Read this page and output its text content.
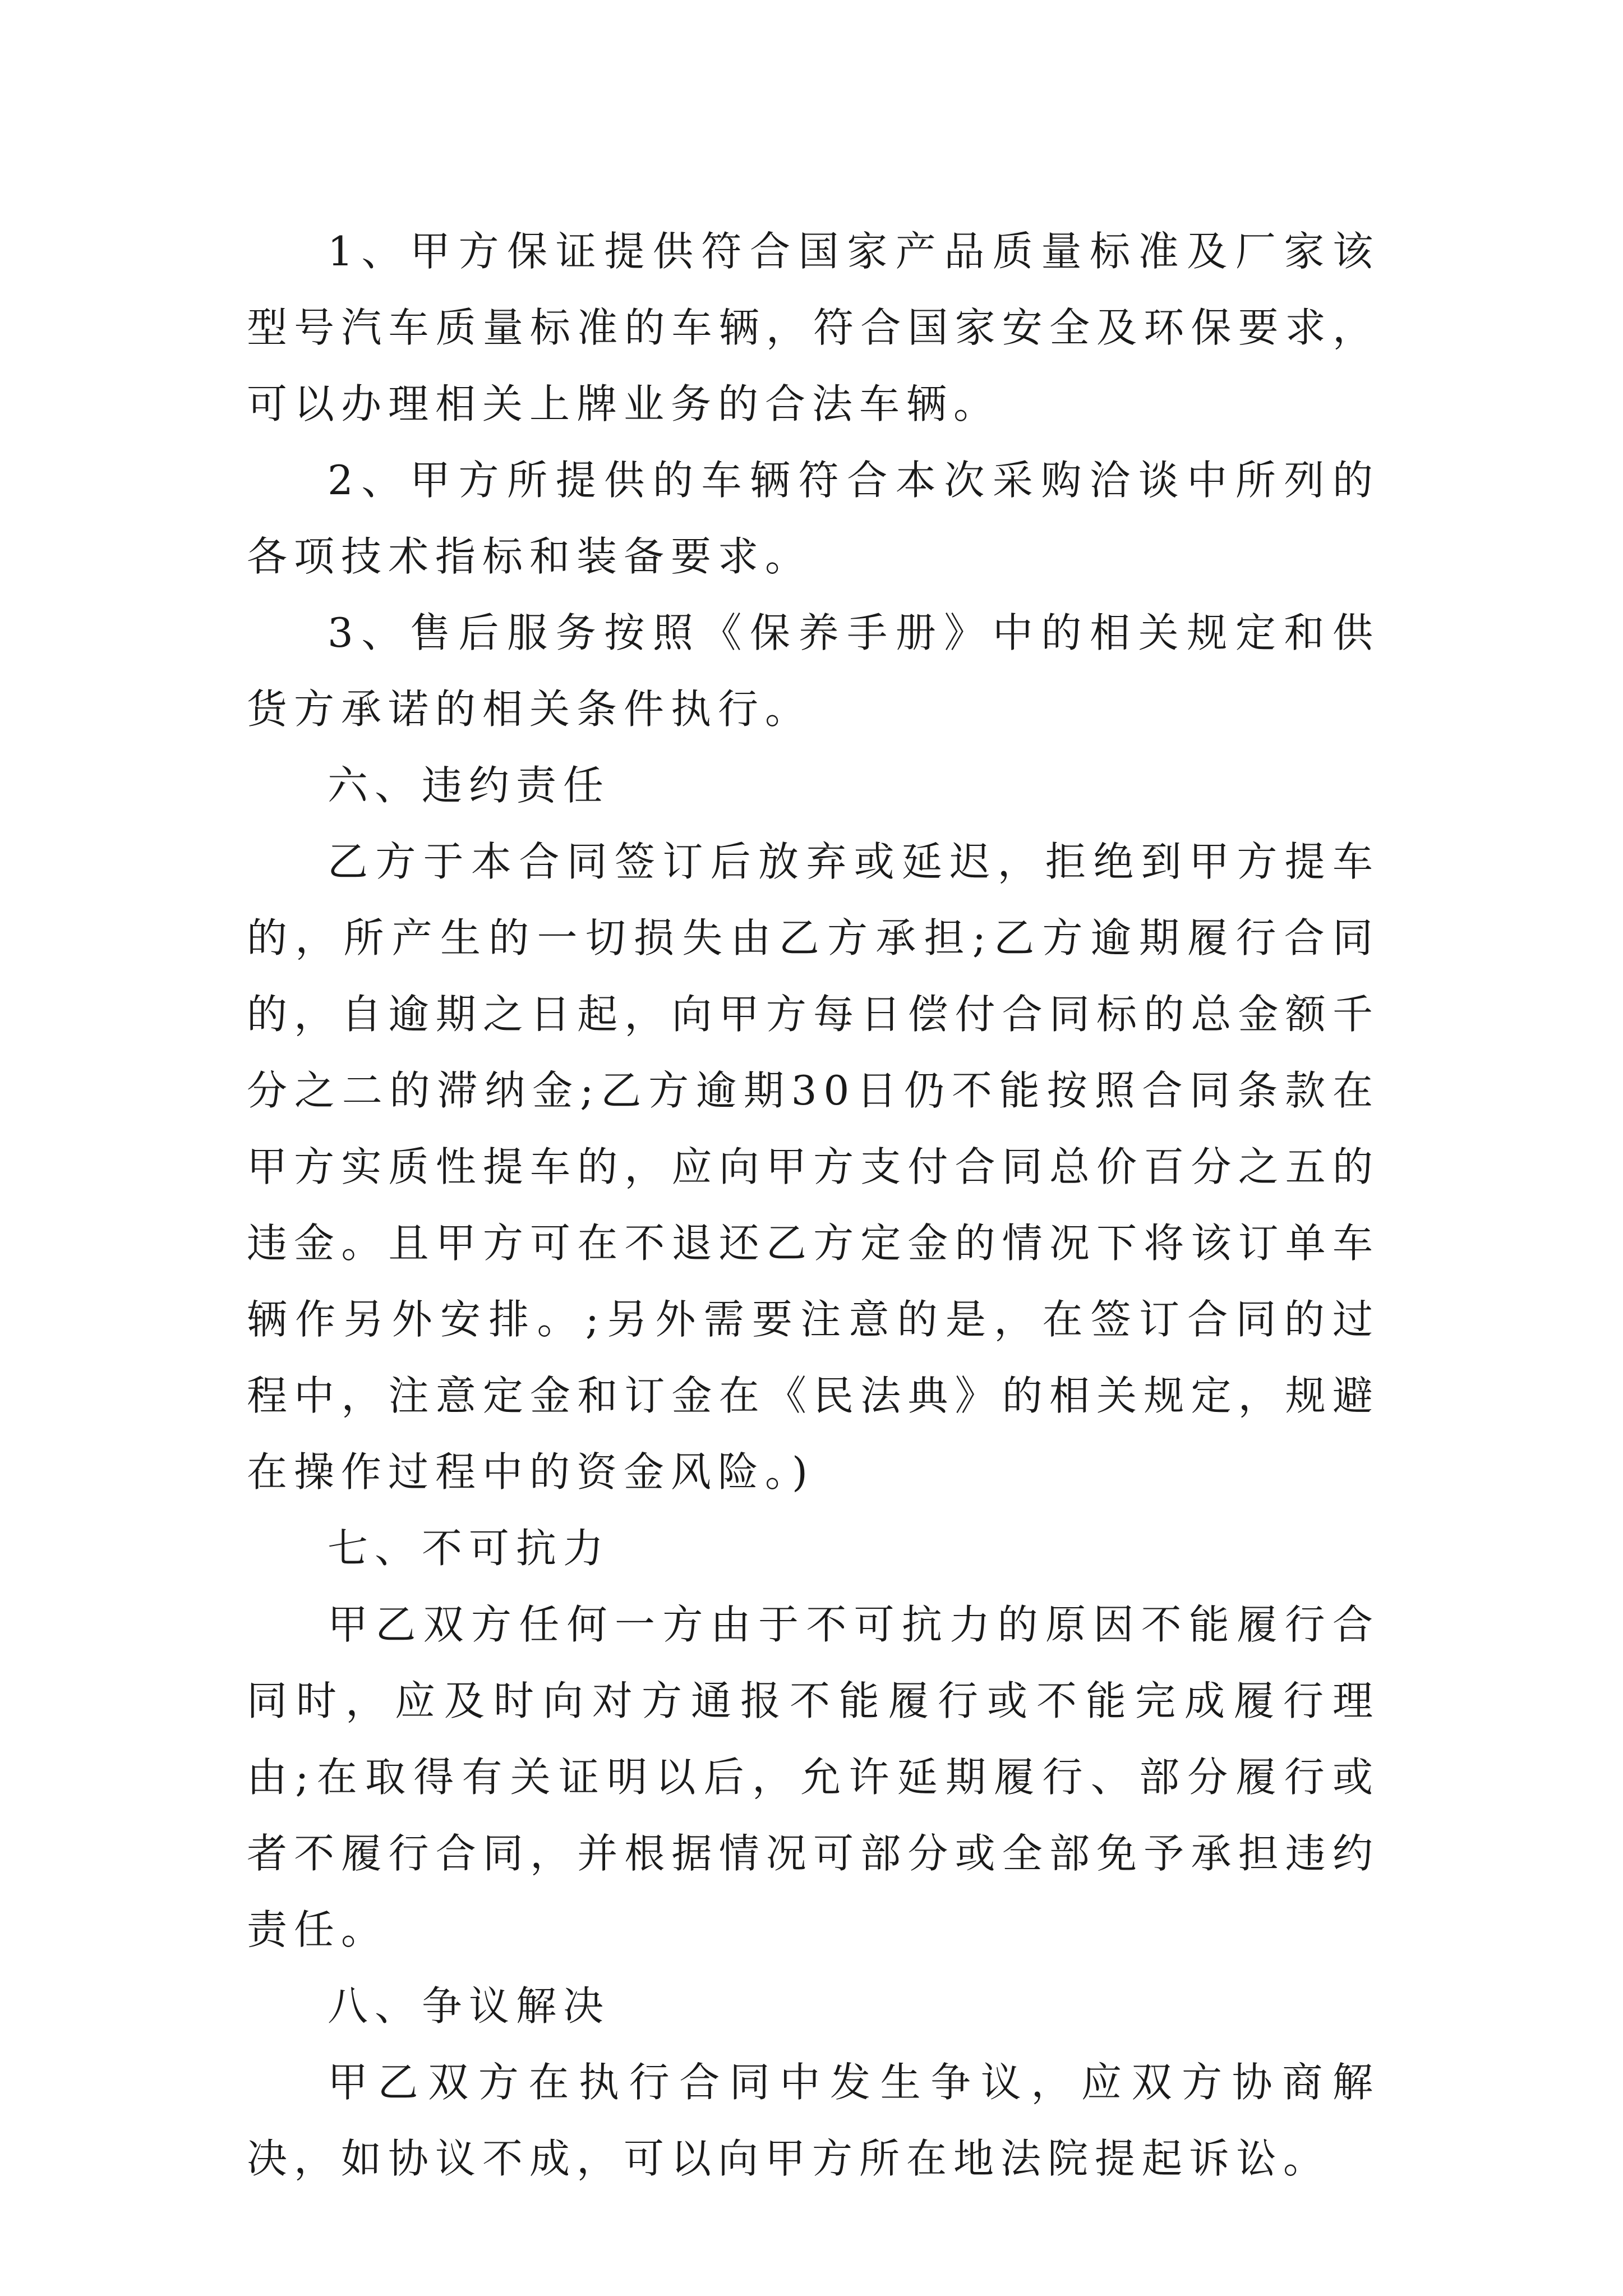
1、甲方保证提供符合国家产品质量标准及厂家该型号汽车质量标准的车辆，符合国家安全及环保要求，可以办理相关上牌业务的合法车辆。

2、甲方所提供的车辆符合本次采购洽谈中所列的各项技术指标和装备要求。

3、售后服务按照《保养手册》中的相关规定和供货方承诺的相关条件执行。

六、违约责任

乙方于本合同签订后放弃或延迟，拒绝到甲方提车的，所产生的一切损失由乙方承担;乙方逾期履行合同的，自逾期之日起，向甲方每日偿付合同标的总金额千分之二的滞纳金;乙方逾期30日仍不能按照合同条款在甲方实质性提车的，应向甲方支付合同总价百分之五的违金。且甲方可在不退还乙方定金的情况下将该订单车辆作另外安排。;另外需要注意的是，在签订合同的过程中，注意定金和订金在《民法典》的相关规定，规避在操作过程中的资金风险。)

七、不可抗力

甲乙双方任何一方由于不可抗力的原因不能履行合同时，应及时向对方通报不能履行或不能完成履行理由;在取得有关证明以后，允许延期履行、部分履行或者不履行合同，并根据情况可部分或全部免予承担违约责任。

八、争议解决

甲乙双方在执行合同中发生争议，应双方协商解决，如协议不成，可以向甲方所在地法院提起诉讼。
